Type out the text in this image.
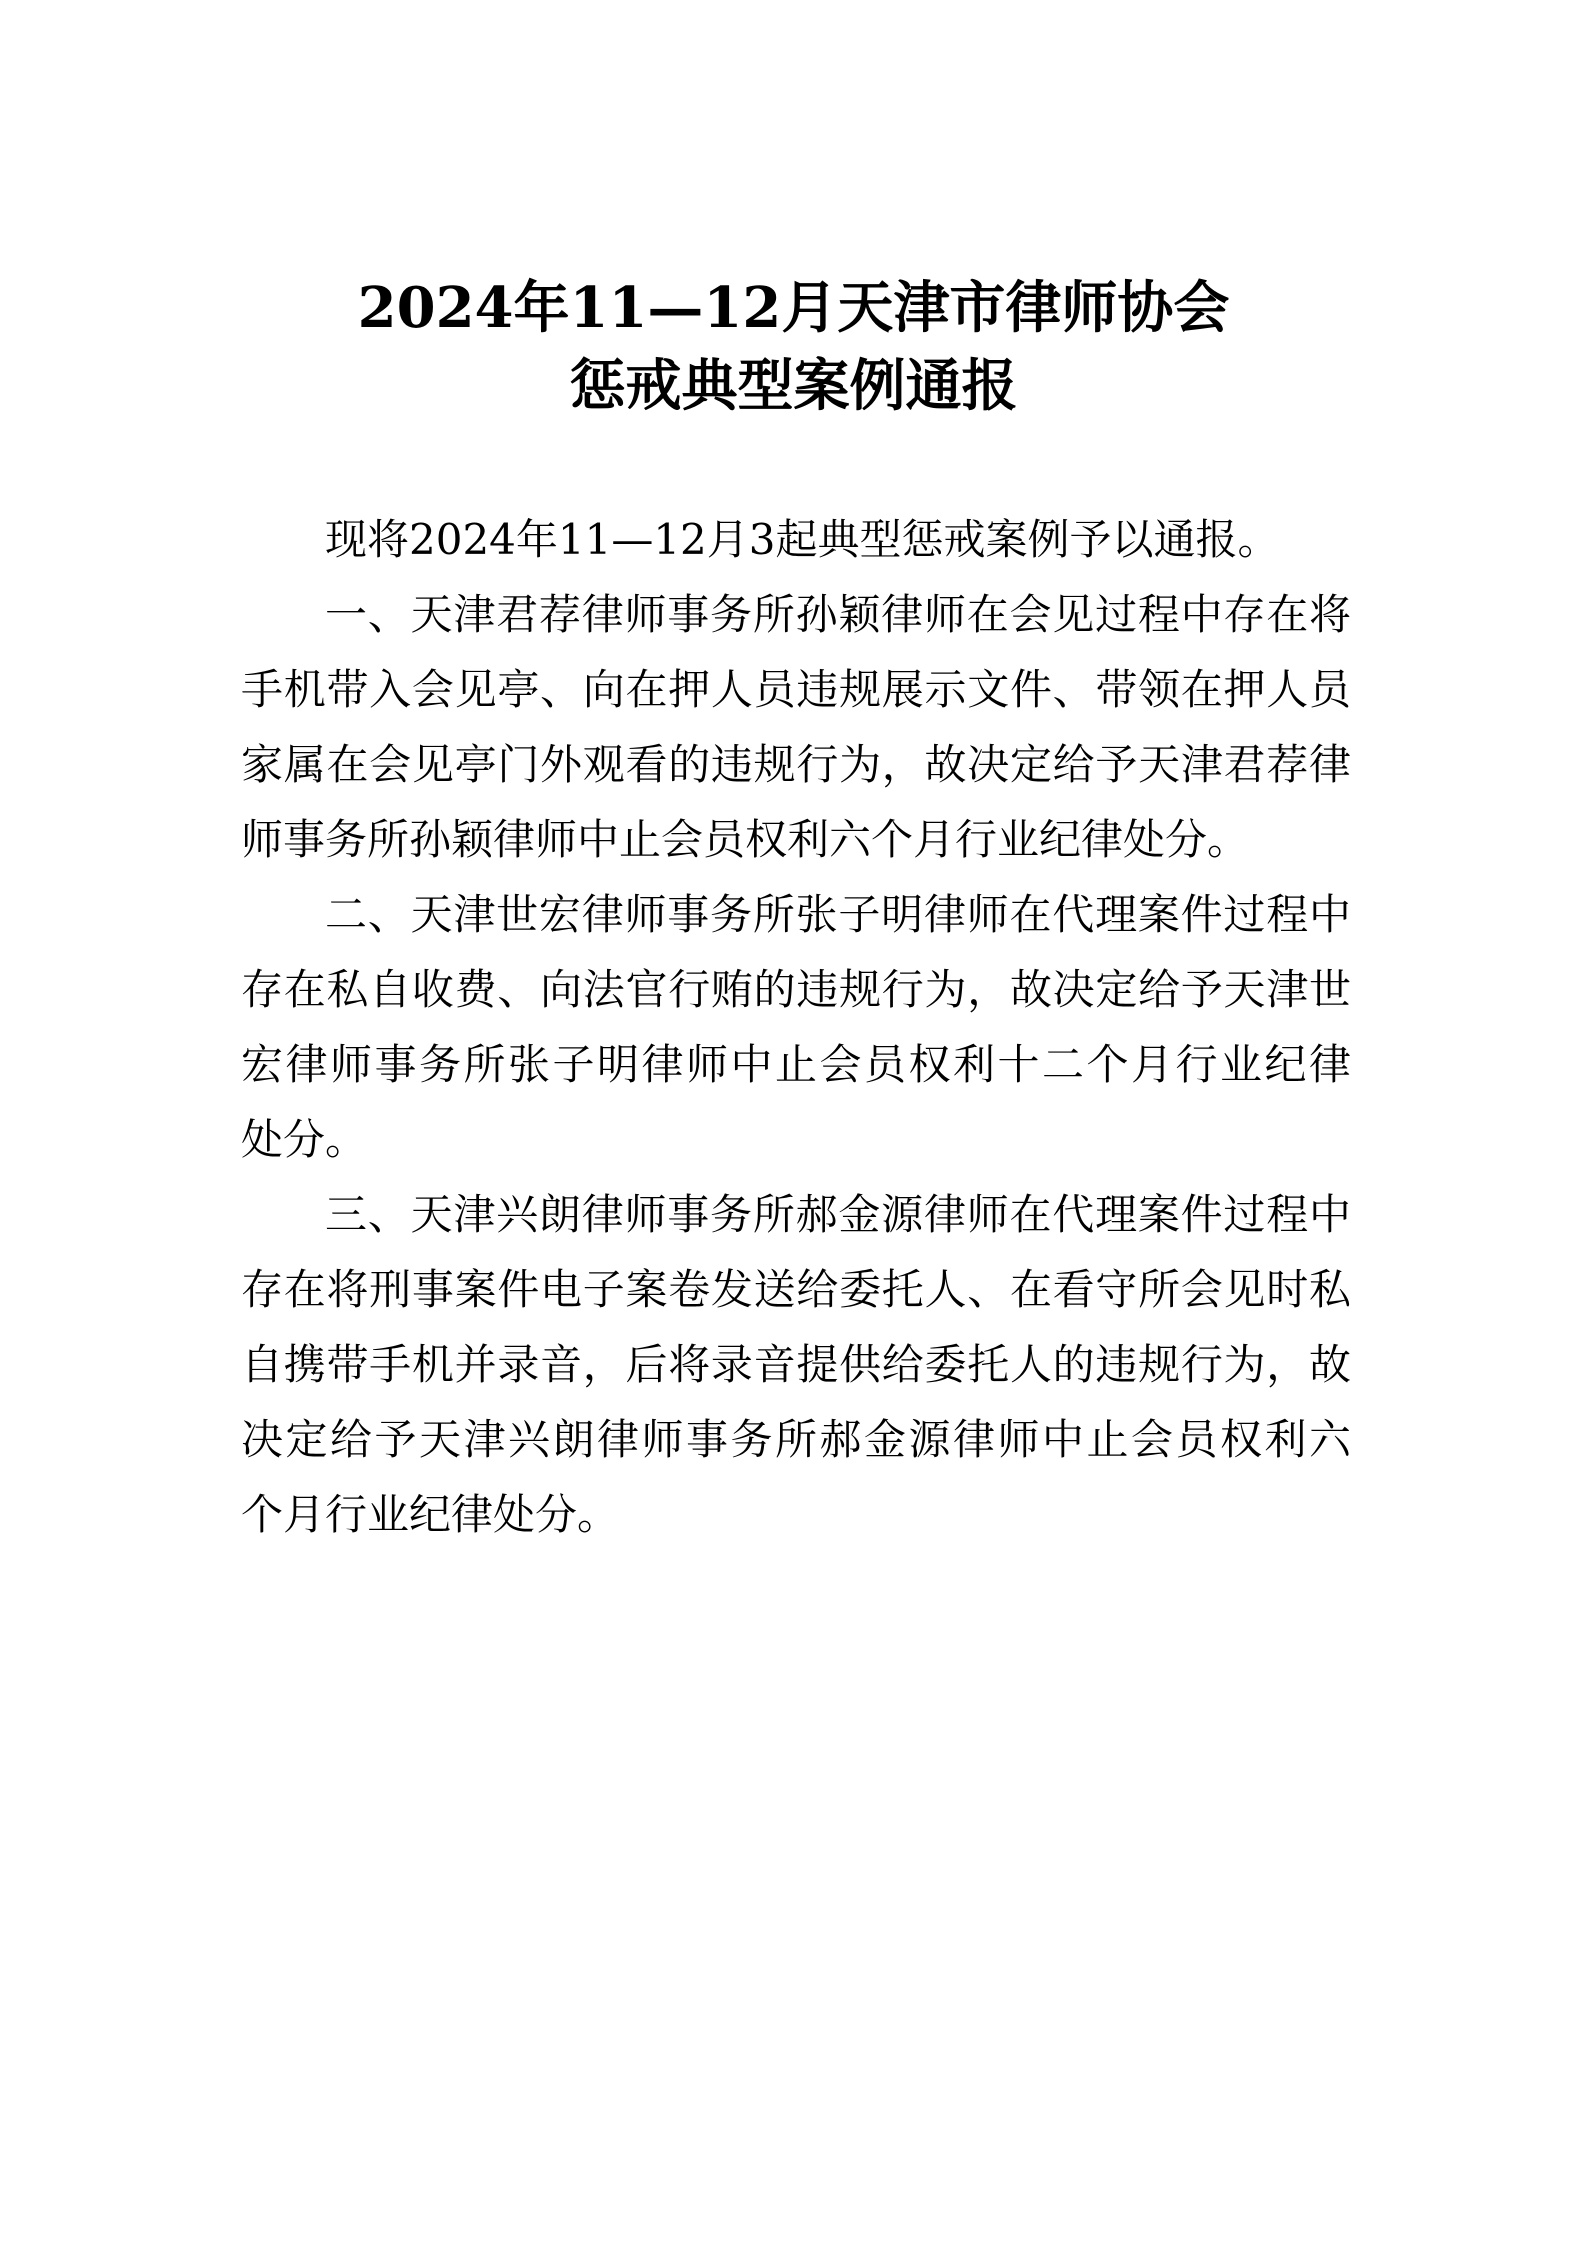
2024年11—12月天津市律师协会
惩戒典型案例通报
现将2024年11—12月3起典型惩戒案例予以通报。
一、天津君荐律师事务所孙颖律师在会见过程中存在将
手机带入会见亭、向在押人员违规展示文件、带领在押人员
家属在会见亭门外观看的违规行为，故决定给予天津君荐律
师事务所孙颖律师中止会员权利六个月行业纪律处分。
二、天津世宏律师事务所张子明律师在代理案件过程中
存在私自收费、向法官行贿的违规行为，故决定给予天津世
宏律师事务所张子明律师中止会员权利十二个月行业纪律
处分。
三、天津兴朗律师事务所郝金源律师在代理案件过程中
存在将刑事案件电子案卷发送给委托人、在看守所会见时私
自携带手机并录音，后将录音提供给委托人的违规行为，故
决定给予天津兴朗律师事务所郝金源律师中止会员权利六
个月行业纪律处分。
